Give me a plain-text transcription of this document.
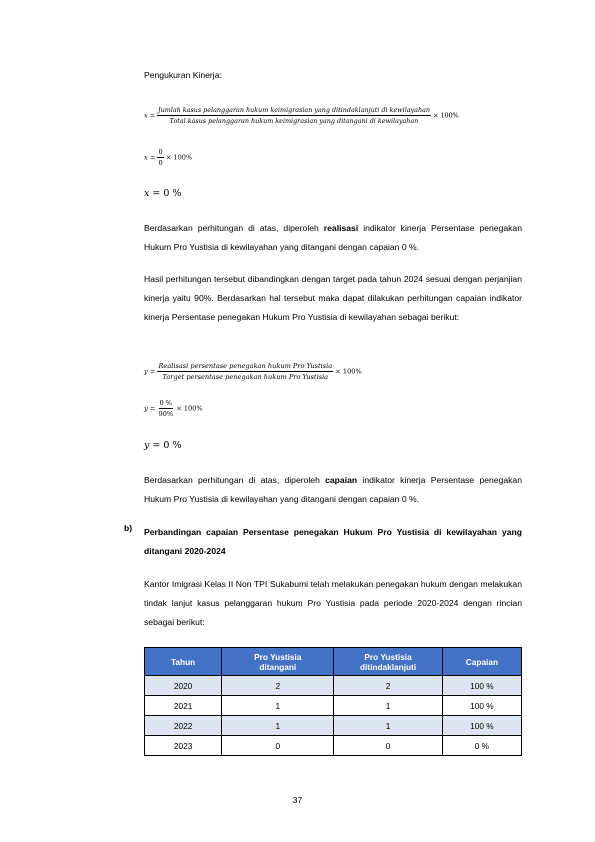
Pengukuran Kinerja:
x =
Jumlah kasus pelanggaran hukum keimigrasian yang ditindaklanjuti di kewilayahan
Total kasus pelanggaran hukum keimigrasian yang ditangani di kewilayahan
× 100%
$x = \frac{0}{0} \times 100\%$
x = 0 %
Berdasarkan perhitungan di atas, diperoleh realisasi indikator kinerja Persentase penegakan Hukum Pro Yustisia di kewilayahan yang ditangani dengan capaian 0 %.
Hasil perhitungan tersebut dibandingkan dengan target pada tahun 2024 sesuai dengan perjanjian kinerja yaitu 90%. Berdasarkan hal tersebut maka dapat dilakukan perhitungan capaian indikator kinerja Persentase penegakan Hukum Pro Yustisia di kewilayahan sebagai berikut:
$y = \frac{\text{Realisasi persentase penegakan hukum Pro Yustisia}}{\text{Target persentase penegakan hukum Pro Yustisia}} \times 100\%$
$y = \frac{0 \%}{90\%} \times 100\%$
y = 0 %
Berdasarkan perhitungan di atas, diperoleh capaian indikator kinerja Persentase penegakan Hukum Pro Yustisia di kewilayahan yang ditangani dengan capaian 0 %.
b) Perbandingan capaian Persentase penegakan Hukum Pro Yustisia di kewilayahan yang ditangani 2020-2024
Kantor Imigrasi Kelas II Non TPI Sukabumi telah melakukan penegakan hukum dengan melakukan tindak lanjut kasus pelanggaran hukum Pro Yustisia pada periode 2020-2024 dengan rincian sebagai berikut:
Tahun	Pro Yustisia ditangani	Pro Yustisia ditindaklanjuti	Capaian
2020	2	2	100 %
2021	1	1	100 %
2022	1	1	100 %
2023	0	0	0 %
37
